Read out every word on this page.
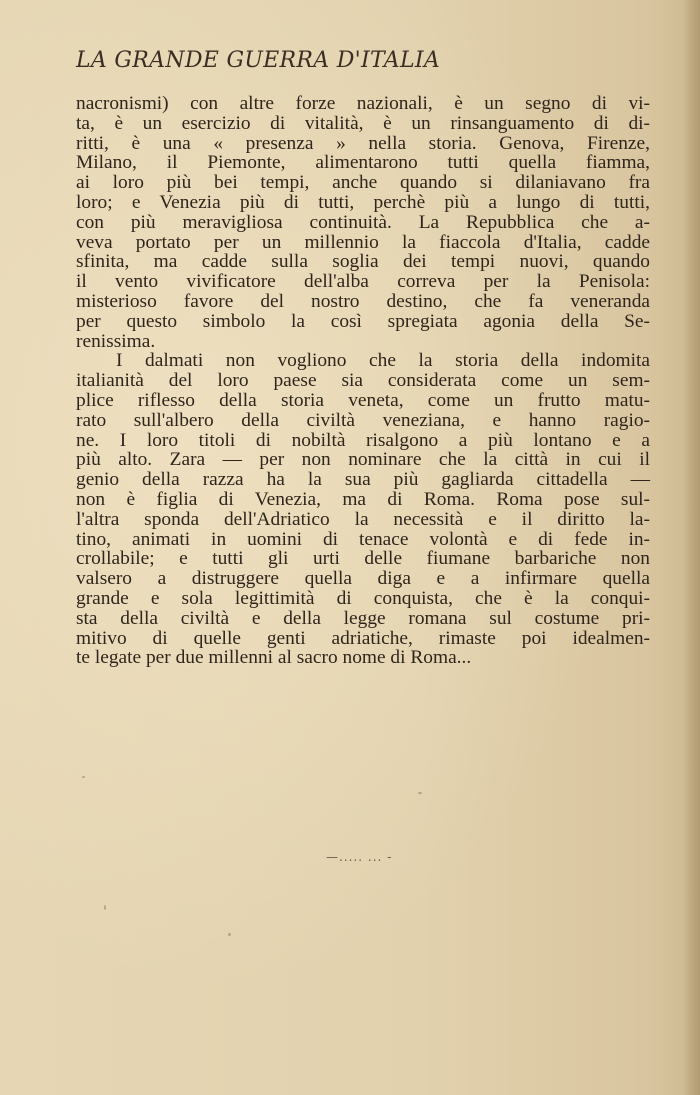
LA GRANDE GUERRA D'ITALIA
nacronismi) con altre forze nazionali, è un segno di vi-
ta, è un esercizio di vitalità, è un rinsanguamento di di-
ritti, è una « presenza » nella storia. Genova, Firenze,
Milano, il Piemonte, alimentarono tutti quella fiamma,
ai loro più bei tempi, anche quando si dilaniavano fra
loro; e Venezia più di tutti, perchè più a lungo di tutti,
con più meravigliosa continuità. La Repubblica che a-
veva portato per un millennio la fiaccola d'Italia, cadde
sfinita, ma cadde sulla soglia dei tempi nuovi, quando
il vento vivificatore dell'alba correva per la Penisola:
misterioso favore del nostro destino, che fa veneranda
per questo simbolo la così spregiata agonia della Se-
renissima.
I dalmati non vogliono che la storia della indomita
italianità del loro paese sia considerata come un sem-
plice riflesso della storia veneta, come un frutto matu-
rato sull'albero della civiltà veneziana, e hanno ragio-
ne. I loro titoli di nobiltà risalgono a più lontano e a
più alto. Zara — per non nominare che la città in cui il
genio della razza ha la sua più gagliarda cittadella —
non è figlia di Venezia, ma di Roma. Roma pose sul-
l'altra sponda dell'Adriatico la necessità e il diritto la-
tino, animati in uomini di tenace volontà e di fede in-
crollabile; e tutti gli urti delle fiumane barbariche non
valsero a distruggere quella diga e a infirmare quella
grande e sola legittimità di conquista, che è la conqui-
sta della civiltà e della legge romana sul costume pri-
mitivo di quelle genti adriatiche, rimaste poi idealmen-
te legate per due millenni al sacro nome di Roma...
—..... ... -
